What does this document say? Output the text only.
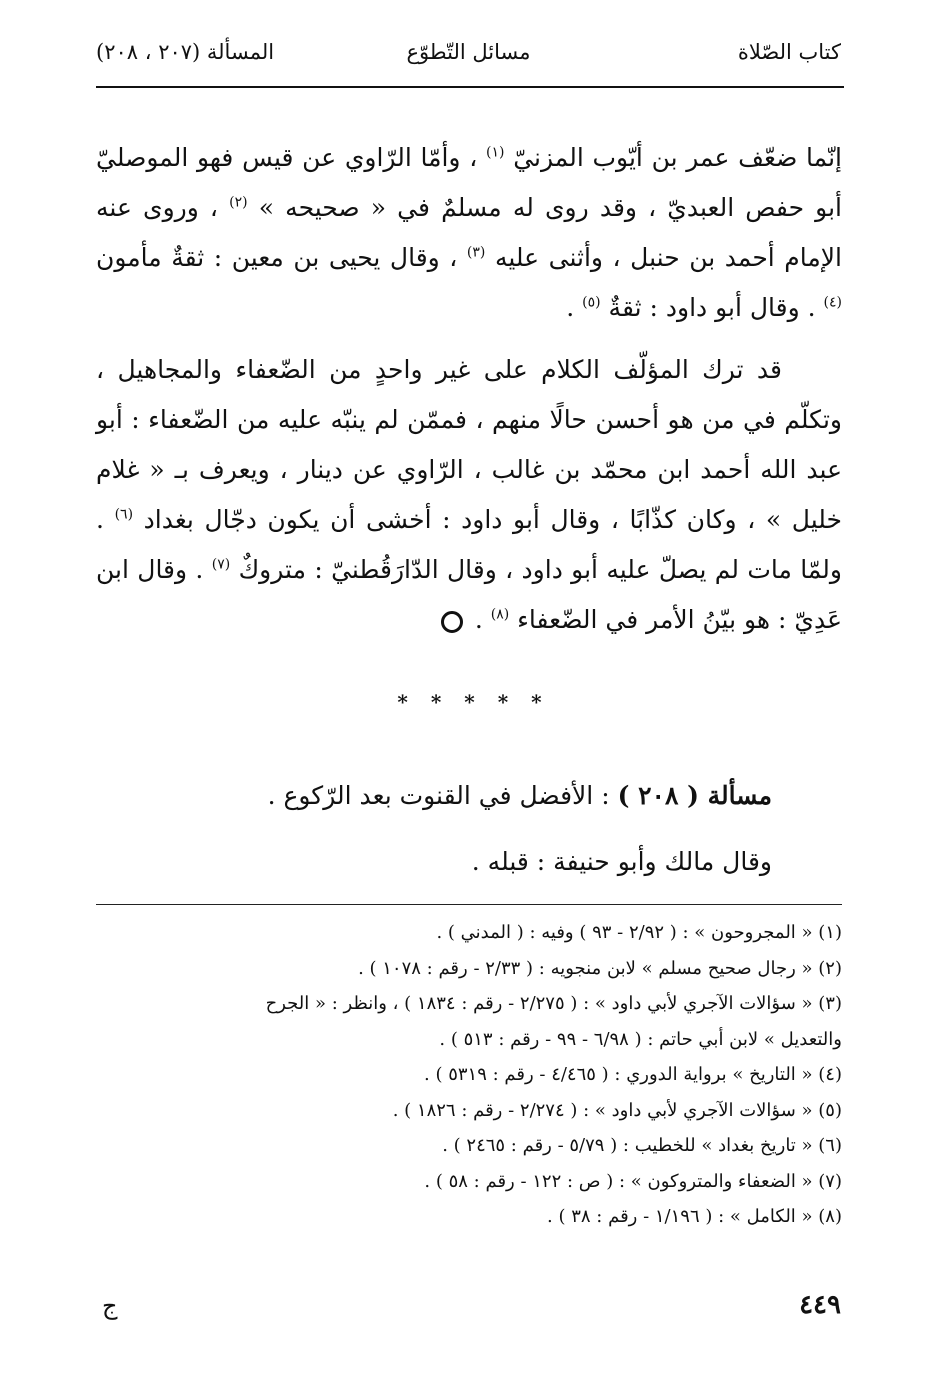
كتاب الصّلاة
مسائل التّطوّع
المسألة (٢٠٧ ، ٢٠٨)
إنّما ضعّف عمر بن أيّوب المزنيّ $^{(١)}$ ، وأمّا الرّاوي عن قيس فهو الموصليّ أبو حفص العبديّ ، وقد روى له مسلمٌ في « صحيحه » $^{(٢)}$ ، وروى عنه الإمام أحمد بن حنبل ، وأثنى عليه $^{(٣)}$ ، وقال يحيى بن معين : ثقةٌ مأمون $^{(٤)}$ . وقال أبو داود : ثقةٌ $^{(٥)}$ .
قد ترك المؤلّف الكلام على غير واحدٍ من الضّعفاء والمجاهيل ، وتكلّم في من هو أحسن حالًا منهم ، فممّن لم ينبّه عليه من الضّعفاء : أبو عبد الله أحمد ابن محمّد بن غالب ، الرّاوي عن دينار ، ويعرف بـ « غلام خليل » ، وكان كذّابًا ، وقال أبو داود : أخشى أن يكون دجّال بغداد $^{(٦)}$ . ولمّا مات لم يصلّ عليه أبو داود ، وقال الدّارَقُطنيّ : متروكٌ $^{(٧)}$ . وقال ابن عَدِيّ : هو بيّنُ الأمر في الضّعفاء $^{(٨)}$ .
* * * * *
مسألة ( ٢٠٨ ) : الأفضل في القنوت بعد الرّكوع .
وقال مالك وأبو حنيفة : قبله .
(١) « المجروحون » : ( ٢/٩٢ - ٩٣ ) وفيه : ( المدني ) .
(٢) « رجال صحيح مسلم » لابن منجويه : ( ٢/٣٣ - رقم : ١٠٧٨ ) .
(٣) « سؤالات الآجري لأبي داود » : ( ٢/٢٧٥ - رقم : ١٨٣٤ ) ، وانظر : « الجرح
والتعديل » لابن أبي حاتم : ( ٦/٩٨ - ٩٩ - رقم : ٥١٣ ) .
(٤) « التاريخ » برواية الدوري : ( ٤/٤٦٥ - رقم : ٥٣١٩ ) .
(٥) « سؤالات الآجري لأبي داود » : ( ٢/٢٧٤ - رقم : ١٨٢٦ ) .
(٦) « تاريخ بغداد » للخطيب : ( ٥/٧٩ - رقم : ٢٤٦٥ ) .
(٧) « الضعفاء والمتروكون » : ( ص : ١٢٢ - رقم : ٥٨ ) .
(٨) « الكامل » : ( ١/١٩٦ - رقم : ٣٨ ) .
٤٤٩
ج
